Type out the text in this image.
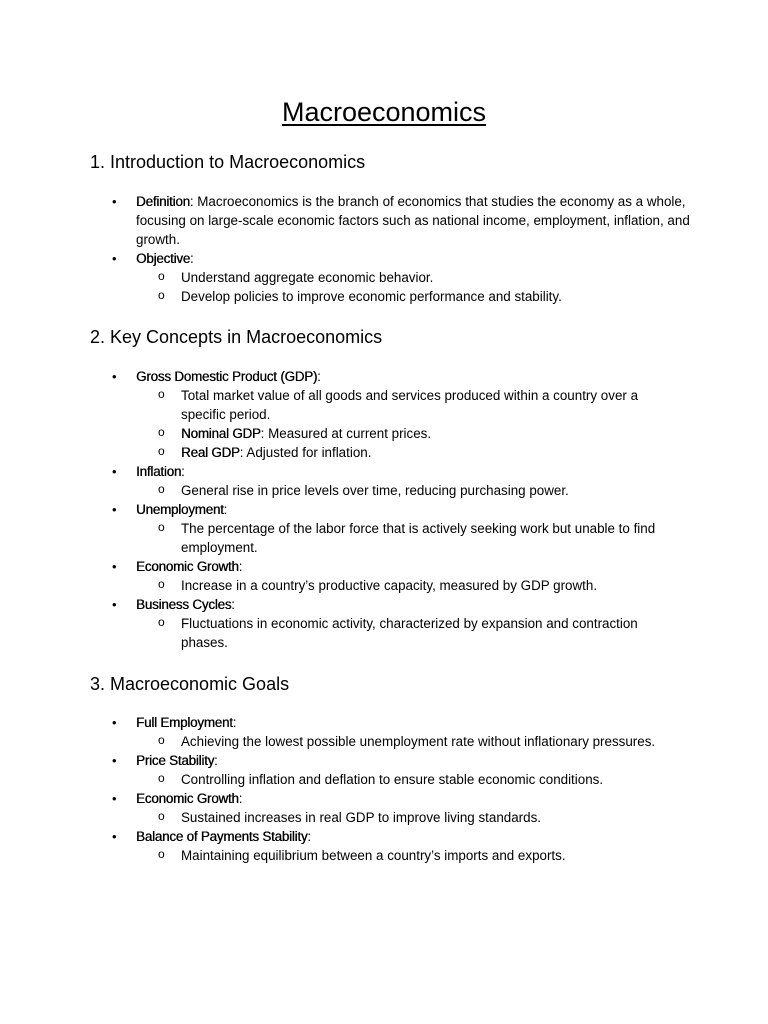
Macroeconomics
1. Introduction to Macroeconomics
• Definition: Macroeconomics is the branch of economics that studies the economy as a whole, focusing on large-scale economic factors such as national income, employment, inflation, and growth.
• Objective:
o Understand aggregate economic behavior.
o Develop policies to improve economic performance and stability.
2. Key Concepts in Macroeconomics
• Gross Domestic Product (GDP):
o Total market value of all goods and services produced within a country over a specific period.
o Nominal GDP: Measured at current prices.
o Real GDP: Adjusted for inflation.
• Inflation:
o General rise in price levels over time, reducing purchasing power.
• Unemployment:
o The percentage of the labor force that is actively seeking work but unable to find employment.
• Economic Growth:
o Increase in a country’s productive capacity, measured by GDP growth.
• Business Cycles:
o Fluctuations in economic activity, characterized by expansion and contraction phases.
3. Macroeconomic Goals
• Full Employment:
o Achieving the lowest possible unemployment rate without inflationary pressures.
• Price Stability:
o Controlling inflation and deflation to ensure stable economic conditions.
• Economic Growth:
o Sustained increases in real GDP to improve living standards.
• Balance of Payments Stability:
o Maintaining equilibrium between a country’s imports and exports.
